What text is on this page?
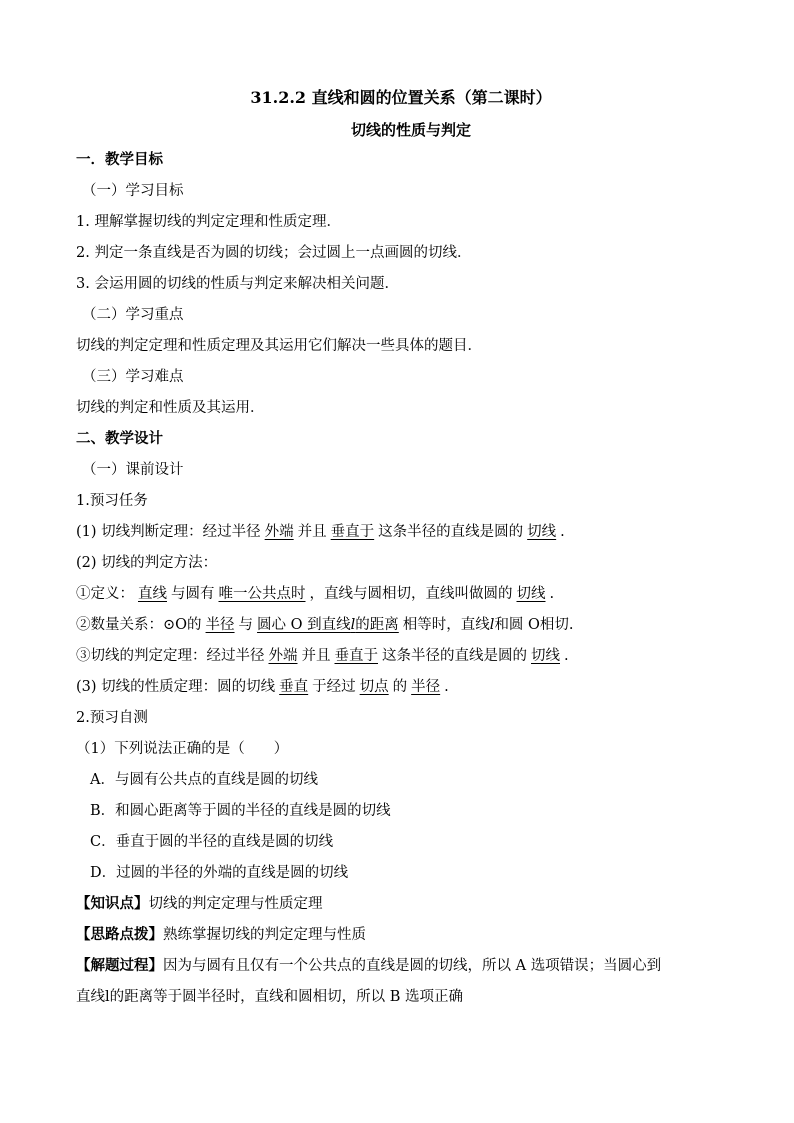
31.2.2 直线和圆的位置关系（第二课时）
切线的性质与判定
一．教学目标
（一）学习目标
1. 理解掌握切线的判定定理和性质定理．
2. 判定一条直线是否为圆的切线；会过圆上一点画圆的切线．
3. 会运用圆的切线的性质与判定来解决相关问题．
（二）学习重点
切线的判定定理和性质定理及其运用它们解决一些具体的题目．
（三）学习难点
切线的判定和性质及其运用．
二、教学设计
（一）课前设计
1.预习任务
(1) 切线判断定理：经过半径 外端 并且 垂直于 这条半径的直线是圆的 切线 .
(2) 切线的判定方法：
①定义： 直线 与圆有 唯一公共点时 ，直线与圆相切，直线叫做圆的 切线 .
②数量关系：⊙O的 半径 与 圆心 O 到直线l的距离 相等时，直线l和圆 O相切.
③切线的判定定理：经过半径 外端 并且 垂直于 这条半径的直线是圆的 切线 .
(3) 切线的性质定理：圆的切线 垂直 于经过 切点 的 半径 .
2.预习自测
（1）下列说法正确的是（　　）
A．与圆有公共点的直线是圆的切线
B．和圆心距离等于圆的半径的直线是圆的切线
C．垂直于圆的半径的直线是圆的切线
D．过圆的半径的外端的直线是圆的切线
【知识点】切线的判定定理与性质定理
【思路点拨】熟练掌握切线的判定定理与性质
【解题过程】因为与圆有且仅有一个公共点的直线是圆的切线，所以 A 选项错误；当圆心到
直线l的距离等于圆半径时，直线和圆相切，所以 B 选项正确
